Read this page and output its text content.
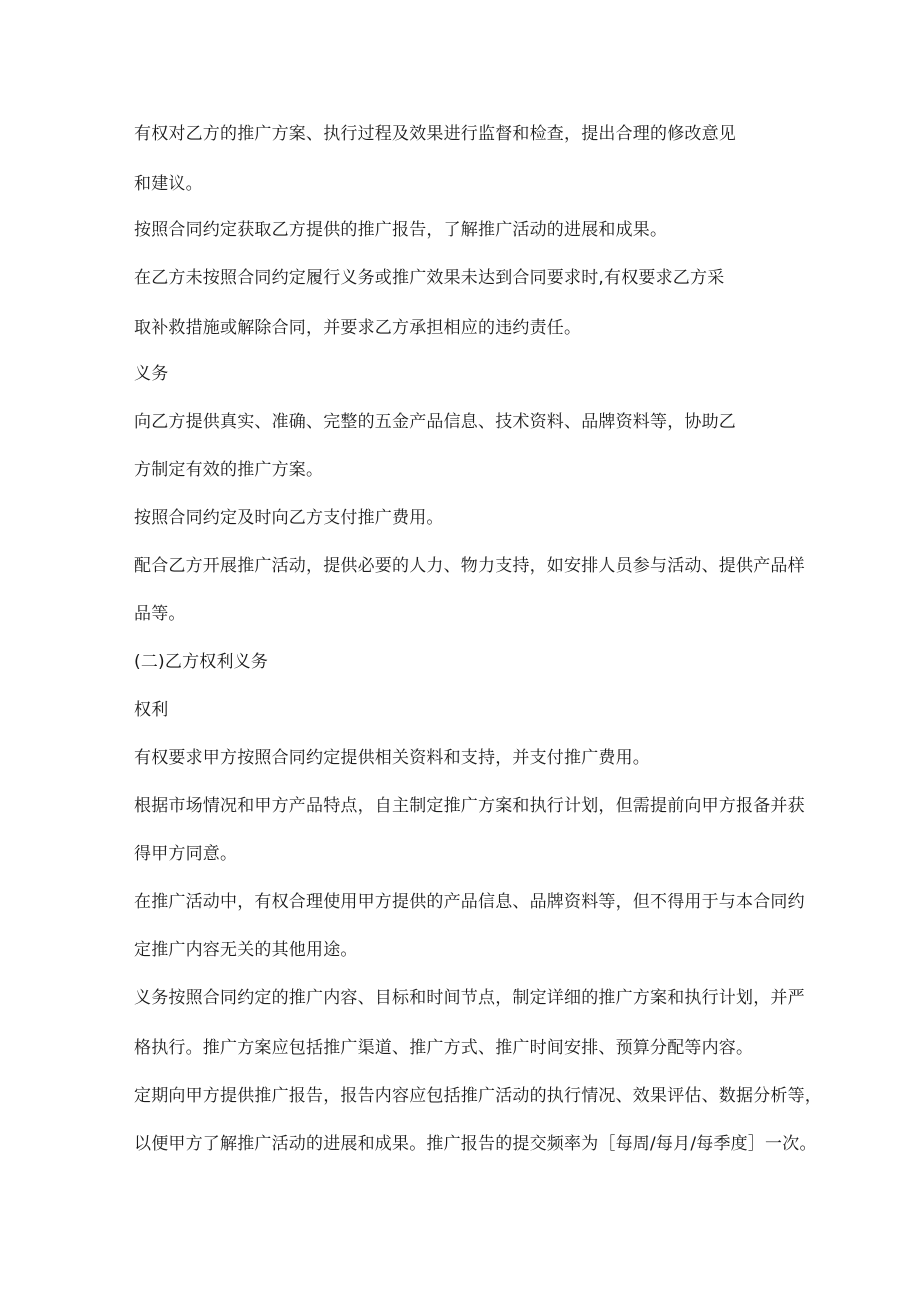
有权对乙方的推广方案、执行过程及效果进行监督和检查，提出合理的修改意见

和建议。

按照合同约定获取乙方提供的推广报告，了解推广活动的进展和成果。

在乙方未按照合同约定履行义务或推广效果未达到合同要求时,有权要求乙方采

取补救措施或解除合同，并要求乙方承担相应的违约责任。

义务

向乙方提供真实、准确、完整的五金产品信息、技术资料、品牌资料等，协助乙

方制定有效的推广方案。

按照合同约定及时向乙方支付推广费用。

配合乙方开展推广活动，提供必要的人力、物力支持，如安排人员参与活动、提供产品样

品等。

(二)乙方权利义务

权利

有权要求甲方按照合同约定提供相关资料和支持，并支付推广费用。

根据市场情况和甲方产品特点，自主制定推广方案和执行计划，但需提前向甲方报备并获

得甲方同意。

在推广活动中，有权合理使用甲方提供的产品信息、品牌资料等，但不得用于与本合同约

定推广内容无关的其他用途。

义务按照合同约定的推广内容、目标和时间节点，制定详细的推广方案和执行计划，并严

格执行。推广方案应包括推广渠道、推广方式、推广时间安排、预算分配等内容。

定期向甲方提供推广报告，报告内容应包括推广活动的执行情况、效果评估、数据分析等，

以便甲方了解推广活动的进展和成果。推广报告的提交频率为［每周/每月/每季度］一次。
